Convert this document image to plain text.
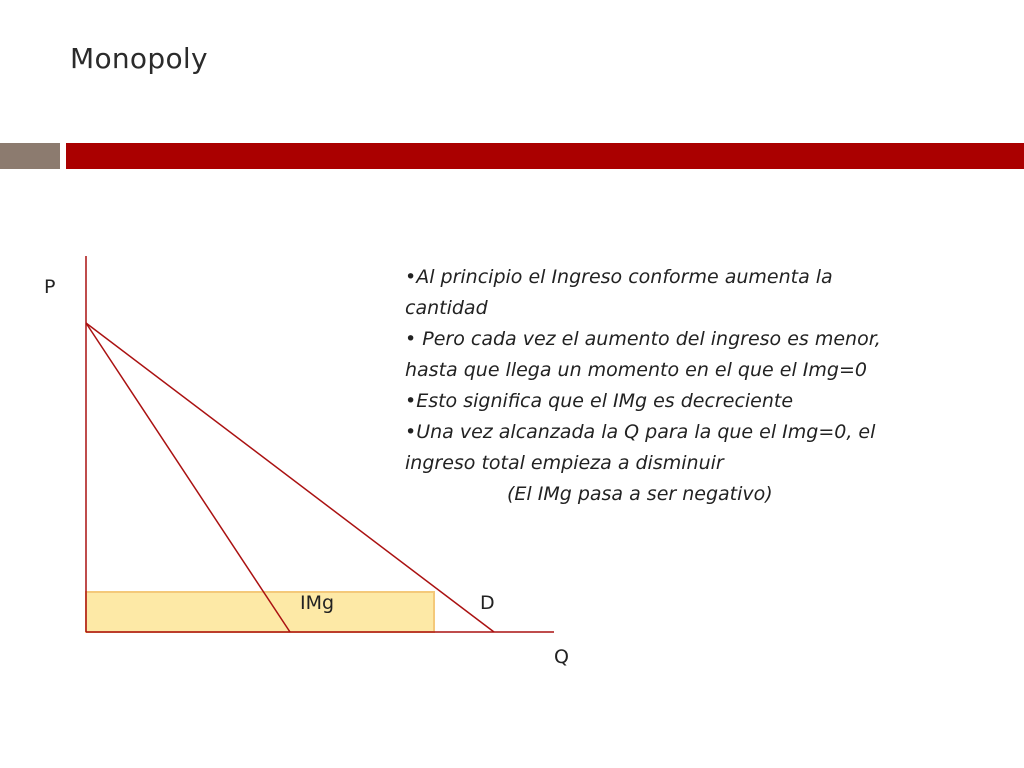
Monopoly
P
Q
D
IMg

•Al principio el Ingreso conforme aumenta la cantidad

• Pero cada vez el aumento del ingreso es menor, hasta que llega un momento en el que el Img=0

•Esto significa que el IMg es decreciente

•Una vez alcanzada la Q para la que el Img=0, el ingreso total empieza a disminuir

(El IMg pasa a ser negativo)
